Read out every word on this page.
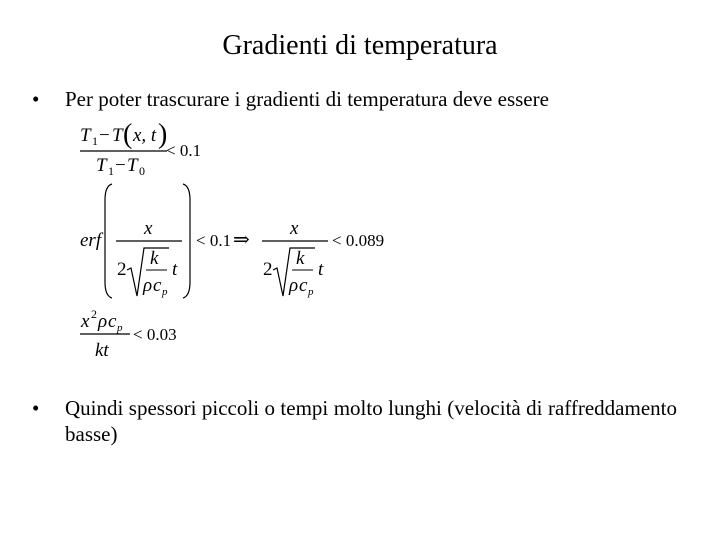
Gradienti di temperatura
• Per poter trascurare i gradienti di temperatura deve essere
T 1 − T ( x, t )
T 1 − T 0
< 0.1
erf
x
2
k
ρ c p
t
< 0.1 ⇒
x
2
k
ρ c p
t
< 0.089
x 2 ρ c p
kt
< 0.03
• Quindi spessori piccoli o tempi molto lunghi (velocità di raffreddamento basse)
